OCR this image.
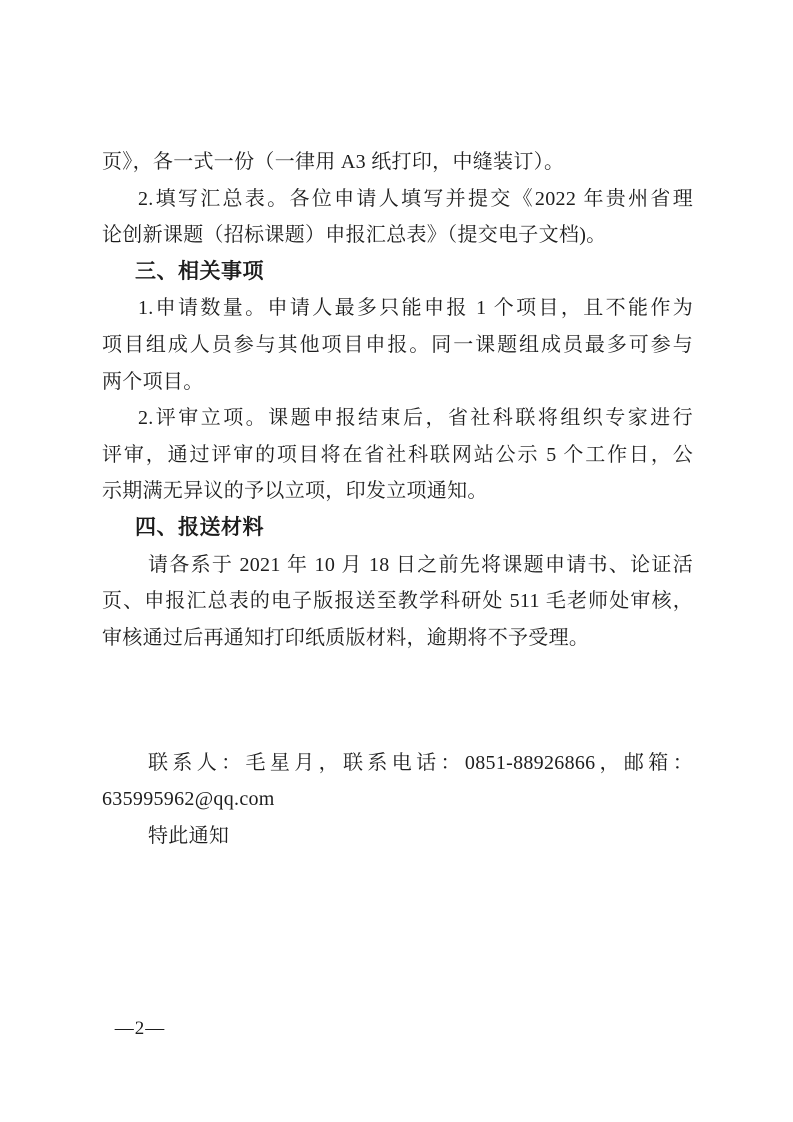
页》，各一式一份（一律用 A3 纸打印，中缝装订）。
2.填写汇总表。各位申请人填写并提交《2022 年贵州省理
论创新课题（招标课题）申报汇总表》（提交电子文档)。
三、相关事项
1.申请数量。申请人最多只能申报 1 个项目，且不能作为
项目组成人员参与其他项目申报。同一课题组成员最多可参与
两个项目。
2.评审立项。课题申报结束后，省社科联将组织专家进行
评审，通过评审的项目将在省社科联网站公示 5 个工作日，公
示期满无异议的予以立项，印发立项通知。
四、报送材料
请各系于 2021 年 10 月 18 日之前先将课题申请书、论证活
页、申报汇总表的电子版报送至教学科研处 511 毛老师处审核，
审核通过后再通知打印纸质版材料，逾期将不予受理。
联系人：毛星月，联系电话：0851-88926866，邮箱：
635995962@qq.com
特此通知
—2—
